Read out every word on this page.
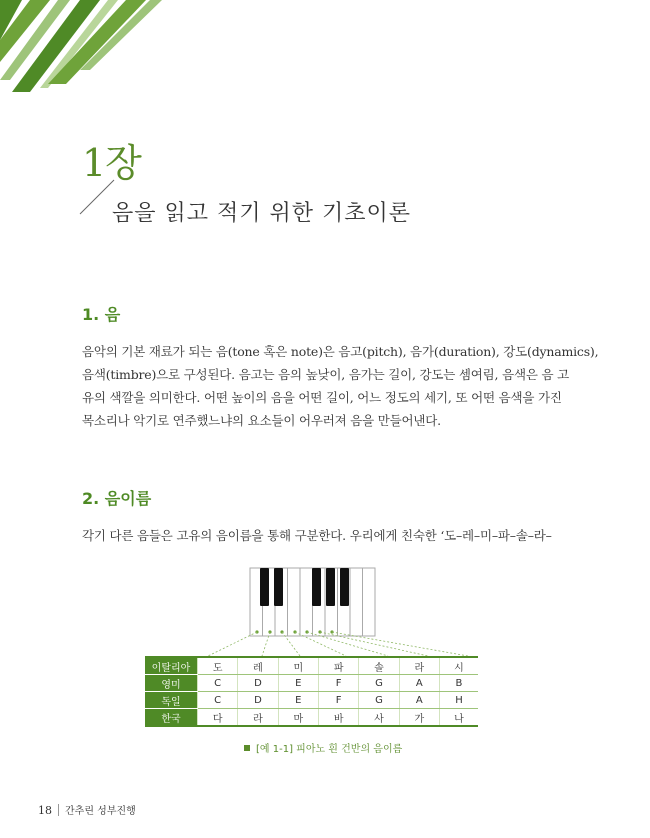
1장
음을 읽고 적기 위한 기초이론
1. 음

음악의 기본 재료가 되는 음(tone 혹은 note)은 음고(pitch), 음가(duration), 강도(dynamics),

음색(timbre)으로 구성된다. 음고는 음의 높낮이, 음가는 길이, 강도는 셈여림, 음색은 음 고

유의 색깔을 의미한다. 어떤 높이의 음을 어떤 길이, 어느 정도의 세기, 또 어떤 음색을 가진

목소리나 악기로 연주했느냐의 요소들이 어우러져 음을 만들어낸다.

2. 음이름

각기 다른 음들은 고유의 음이름을 통해 구분한다. 우리에게 친숙한 ‘도–레–미–파–솔–라–

이탈리아	도	레	미	파	솔	라	시
영미	C	D	E	F	G	A	B
독일	C	D	E	F	G	A	H
한국	다	라	마	바	사	가	나
[예 1-1] 피아노 흰 건반의 음이름
18 간추린 성부진행
